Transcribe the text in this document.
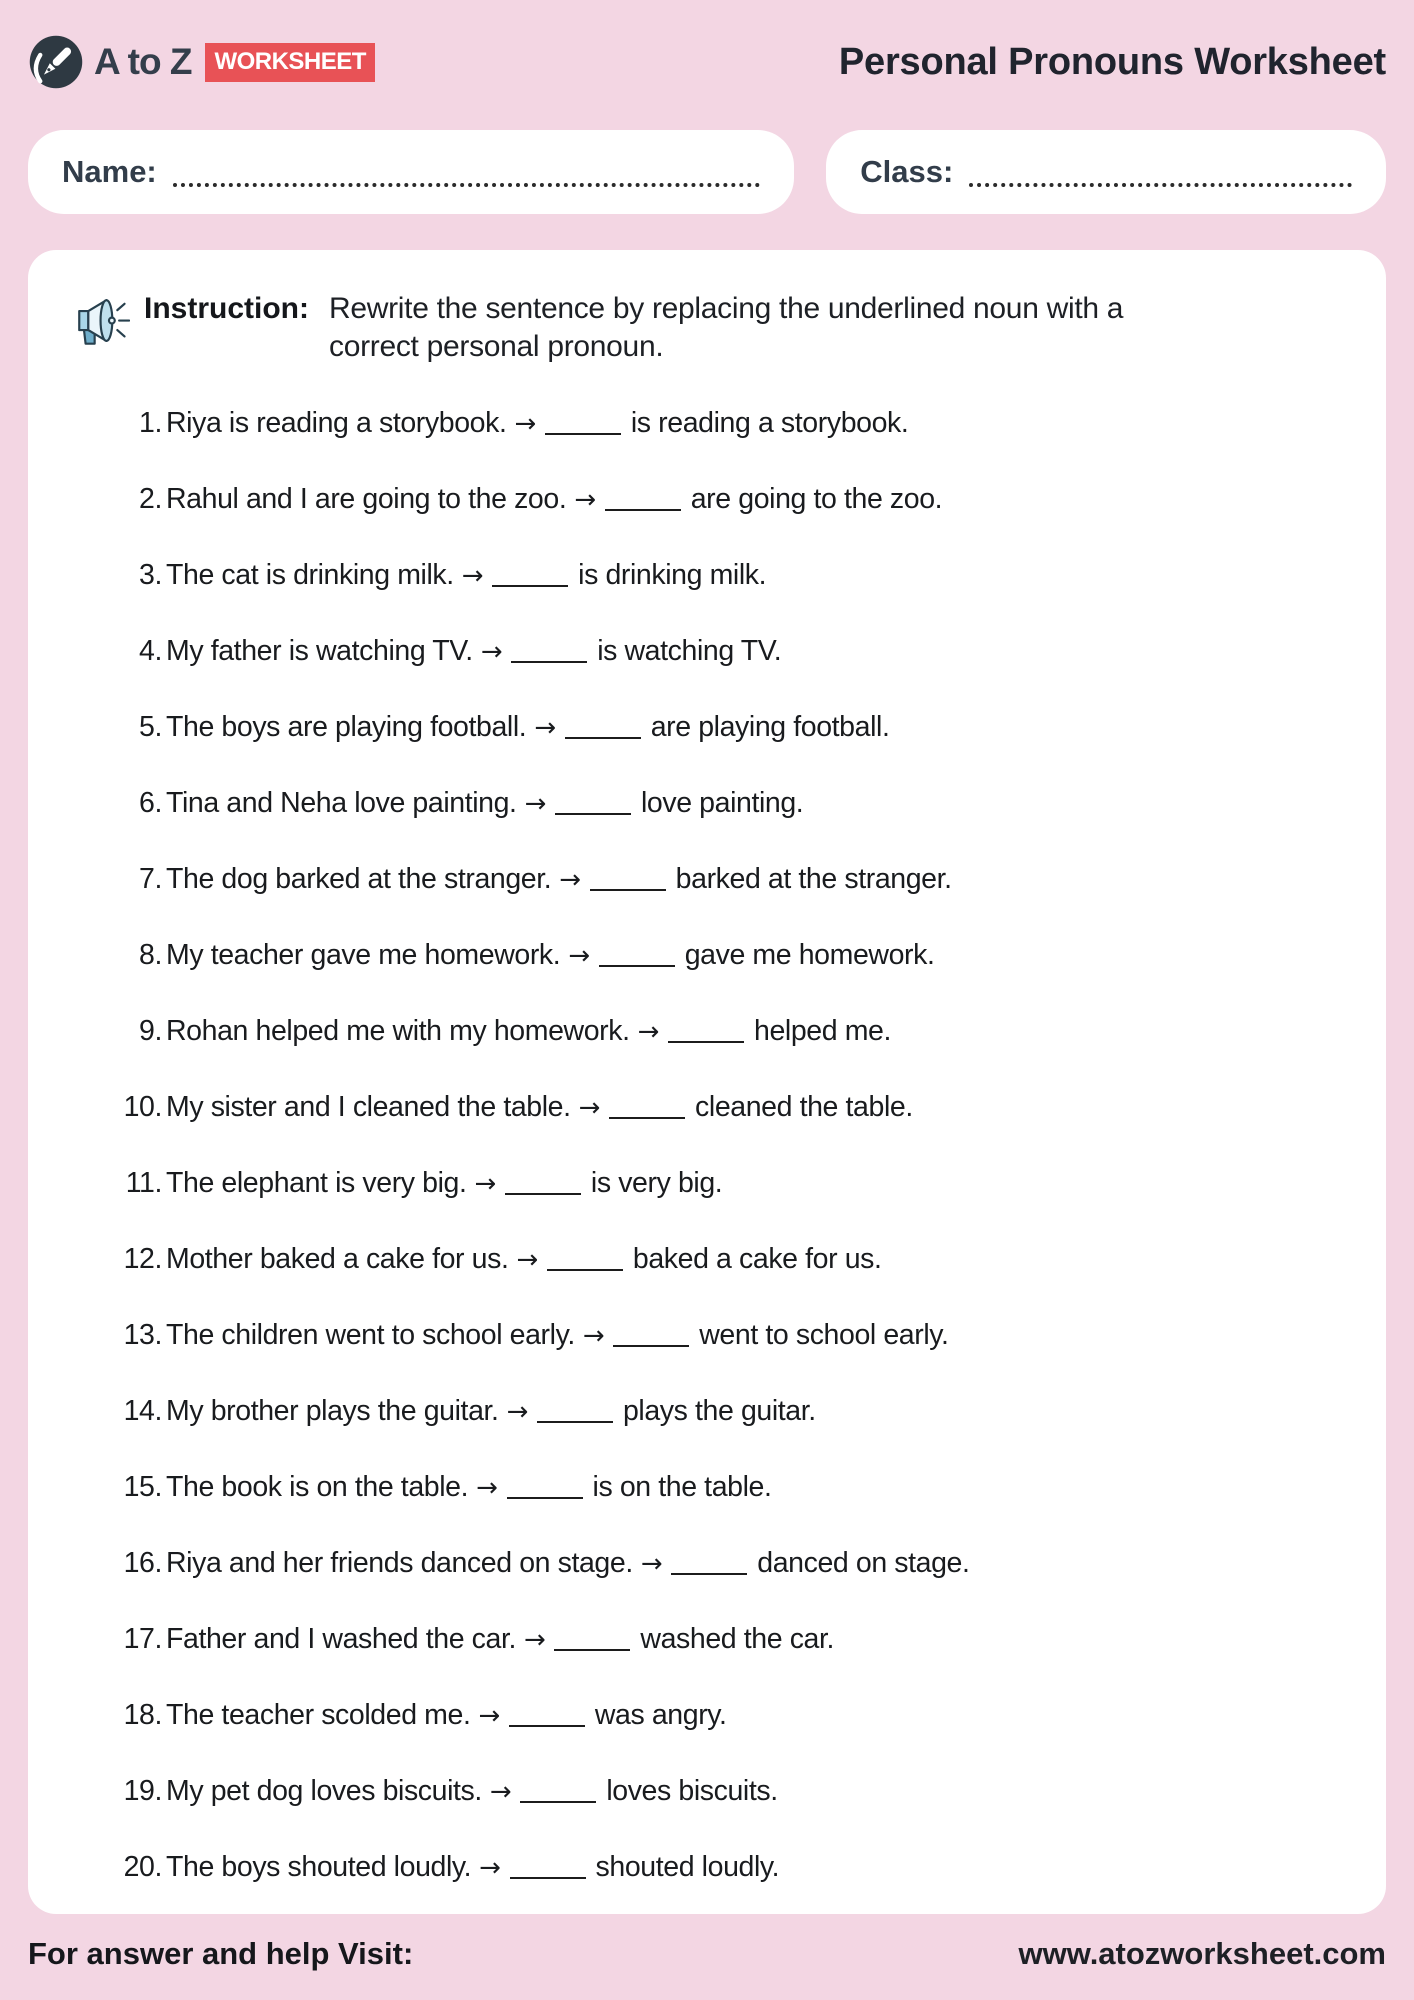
A to Z WORKSHEET	Personal Pronouns Worksheet
Name:	Class:
Instruction: Rewrite the sentence by replacing the underlined noun with a correct personal pronoun.
1. Riya is reading a storybook. →	is reading a storybook.
2. Rahul and I are going to the zoo. →	are going to the zoo.
3. The cat is drinking milk. →	is drinking milk.
4. My father is watching TV. →	is watching TV.
5. The boys are playing football. →	are playing football.
6. Tina and Neha love painting. →	love painting.
7. The dog barked at the stranger. →	barked at the stranger.
8. My teacher gave me homework. →	gave me homework.
9. Rohan helped me with my homework. →	helped me.
10. My sister and I cleaned the table. →	cleaned the table.
11. The elephant is very big. →	is very big.
12. Mother baked a cake for us. →	baked a cake for us.
13. The children went to school early. →	went to school early.
14. My brother plays the guitar. →	plays the guitar.
15. The book is on the table. →	is on the table.
16. Riya and her friends danced on stage. →	danced on stage.
17. Father and I washed the car. →	washed the car.
18. The teacher scolded me. →	was angry.
19. My pet dog loves biscuits. →	loves biscuits.
20. The boys shouted loudly. →	shouted loudly.
For answer and help Visit:	www.atozworksheet.com
